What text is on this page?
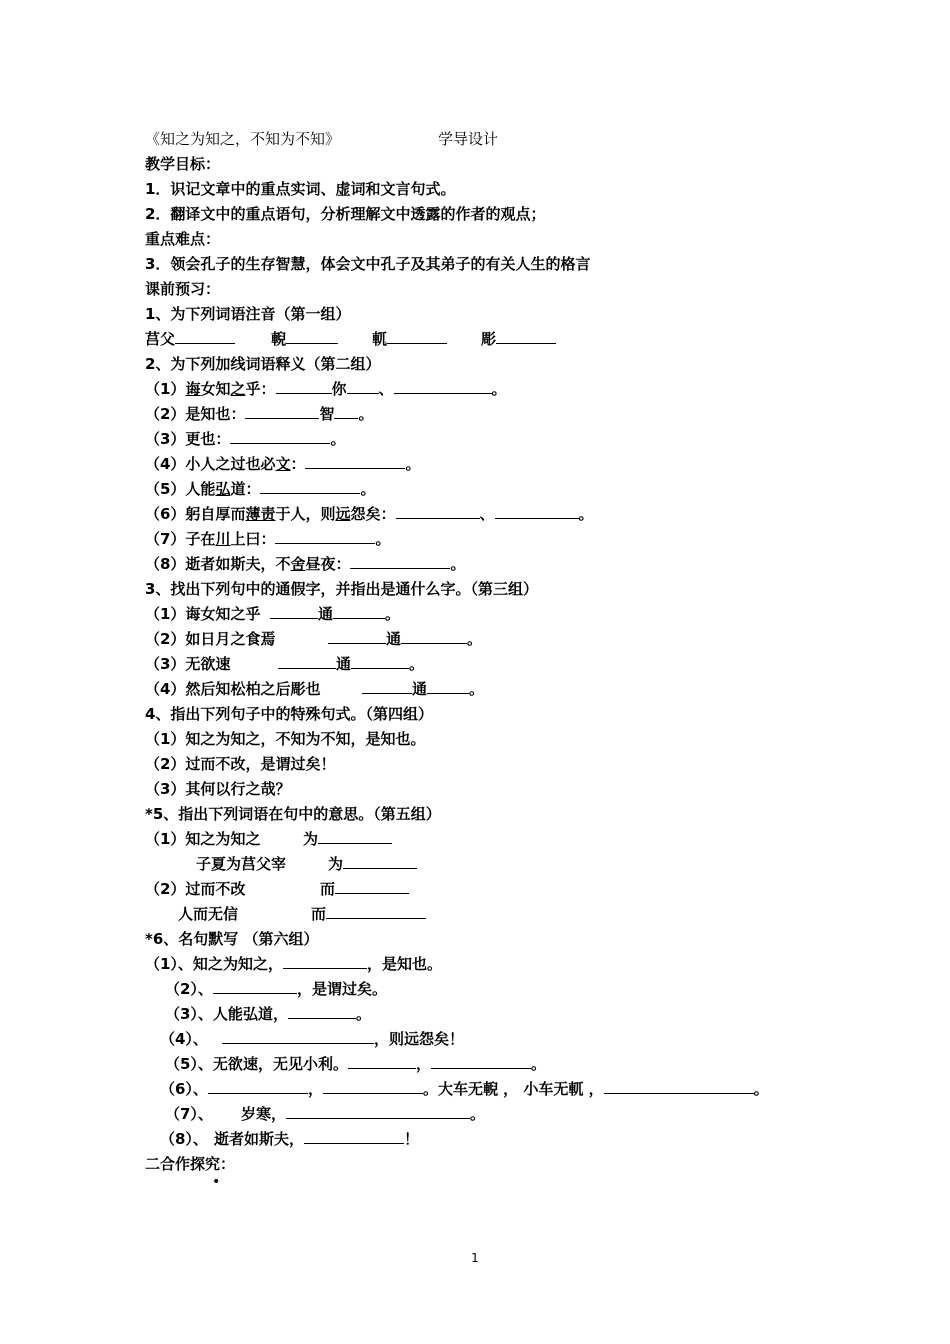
《知之为知之，不知为不知》	学导设计
教学目标：
1．识记文章中的重点实词、虚词和文言句式。
2．翻译文中的重点语句，分析理解文中透露的作者的观点；
重点难点：
3．领会孔子的生存智慧，体会文中孔子及其弟子的有关人生的格言
课前预习：
1、为下列词语注音（第一组）
莒父	輗	軏	彫
2、为下列加线词语释义（第二组）
（1）诲女知之乎：	你 、	。
（2）是知也：	智 。
（3）更也：	。
（4）小人之过也必文：	。
（5）人能弘道：	。
（6）躬自厚而薄责于人，则远怨矣：	、	。
（7）子在川上曰：	。
（8）逝者如斯夫，不舍昼夜：	。
3、找出下列句中的通假字，并指出是通什么字。（第三组）
（1）诲女知之乎	通	。
（2）如日月之食焉	通	。
（3）无欲速	通	。
（4）然后知松柏之后彫也	通	。
4、指出下列句子中的特殊句式。（第四组）
（1）知之为知之，不知为不知，是知也。
（2）过而不改，是谓过矣！
（3）其何以行之哉？
*5、指出下列词语在句中的意思。（第五组）
（1）知之为知之	为
子夏为莒父宰	为
（2）过而不改	而
人而无信	而
*6、名句默写 （第六组）
（1）、知之为知之，	，是知也。
（2）、	，是谓过矣。
（3）、人能弘道，	。
（4）、	，则远怨矣！
（5）、无欲速，无见小利。	，	。
（6）、	，	。大车无輗 ， 小车无軏 ，	。
（7）、 岁寒，	。
（8）、 逝者如斯夫，	！
二合作探究：
•
1
